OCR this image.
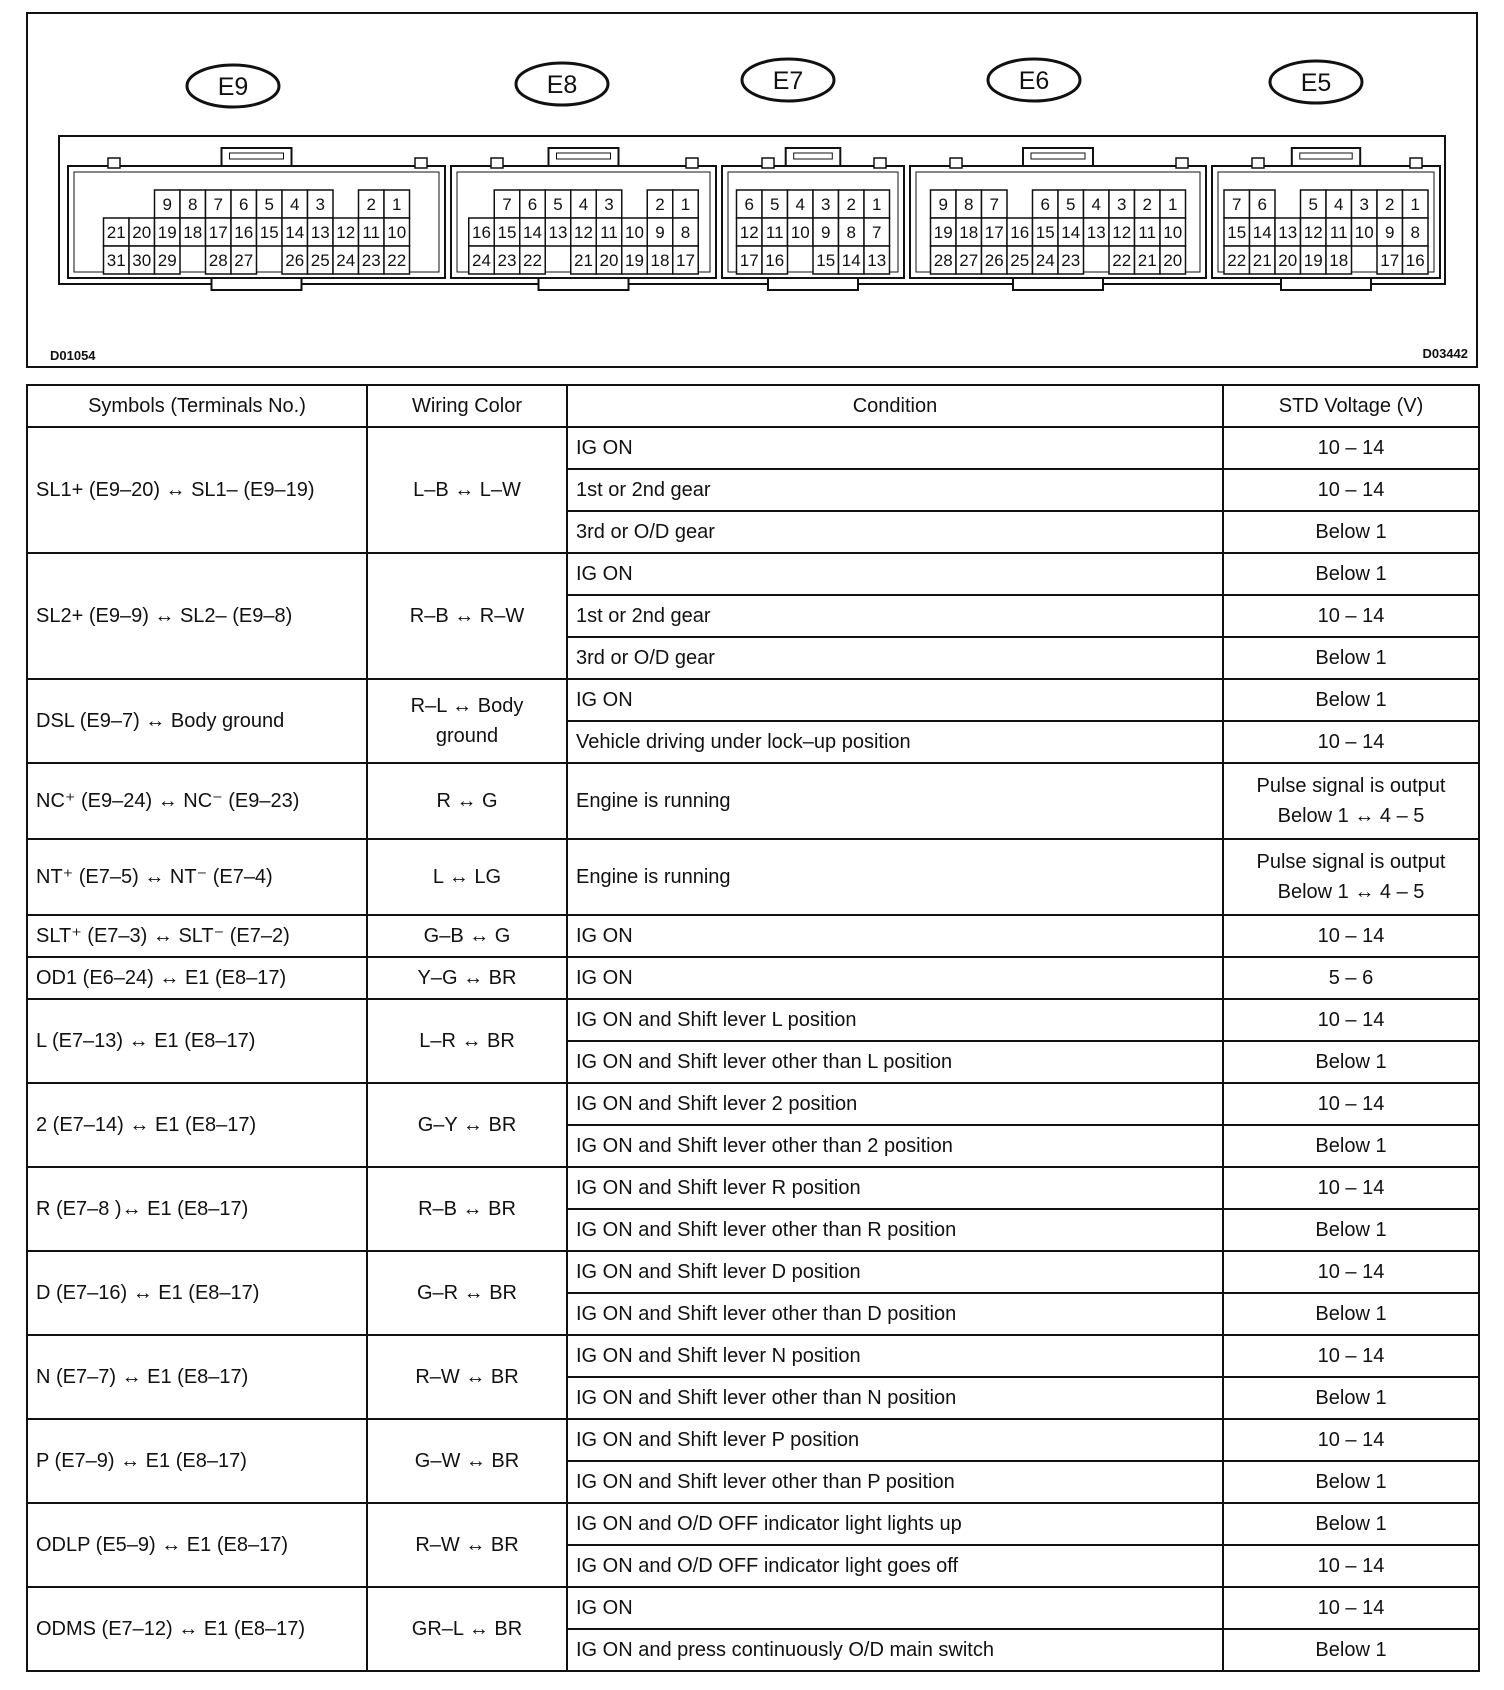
E9
9 8 7 6 5 4 3 2 1
21 20 19 18 17 16 15 14 13 12 11 10
31 30 29 28 27 26 25 24 23 22
E8
7 6 5 4 3 2 1
16 15 14 13 12 11 10 9 8
24 23 22 21 20 19 18 17
E7
6 5 4 3 2 1
12 11 10 9 8 7
17 16 15 14 13
E6
9 8 7 6 5 4 3 2 1
19 18 17 16 15 14 13 12 11 10
28 27 26 25 24 23 22 21 20
E5
7 6 5 4 3 2 1
15 14 13 12 11 10 9 8
22 21 20 19 18 17 16
D01054	D03442
Symbols (Terminals No.)	Wiring Color	Condition	STD Voltage (V)
SL1+ (E9–20) ↔ SL1– (E9–19)	L–B ↔ L–W	IG ON	10 – 14
		1st or 2nd gear	10 – 14
		3rd or O/D gear	Below 1
SL2+ (E9–9) ↔ SL2– (E9–8)	R–B ↔ R–W	IG ON	Below 1
		1st or 2nd gear	10 – 14
		3rd or O/D gear	Below 1
DSL (E9–7) ↔ Body ground	R–L ↔ Body ground	IG ON	Below 1
		Vehicle driving under lock–up position	10 – 14
NC⁺ (E9–24) ↔ NC⁻ (E9–23)	R ↔ G	Engine is running	Pulse signal is output Below 1 ↔ 4 – 5
NT⁺ (E7–5) ↔ NT⁻ (E7–4)	L ↔ LG	Engine is running	Pulse signal is output Below 1 ↔ 4 – 5
SLT⁺ (E7–3) ↔ SLT⁻ (E7–2)	G–B ↔ G	IG ON	10 – 14
OD1 (E6–24) ↔ E1 (E8–17)	Y–G ↔ BR	IG ON	5 – 6
L (E7–13) ↔ E1 (E8–17)	L–R ↔ BR	IG ON and Shift lever L position	10 – 14
		IG ON and Shift lever other than L position	Below 1
2 (E7–14) ↔ E1 (E8–17)	G–Y ↔ BR	IG ON and Shift lever 2 position	10 – 14
		IG ON and Shift lever other than 2 position	Below 1
R (E7–8 )↔ E1 (E8–17)	R–B ↔ BR	IG ON and Shift lever R position	10 – 14
		IG ON and Shift lever other than R position	Below 1
D (E7–16) ↔ E1 (E8–17)	G–R ↔ BR	IG ON and Shift lever D position	10 – 14
		IG ON and Shift lever other than D position	Below 1
N (E7–7) ↔ E1 (E8–17)	R–W ↔ BR	IG ON and Shift lever N position	10 – 14
		IG ON and Shift lever other than N position	Below 1
P (E7–9) ↔ E1 (E8–17)	G–W ↔ BR	IG ON and Shift lever P position	10 – 14
		IG ON and Shift lever other than P position	Below 1
ODLP (E5–9) ↔ E1 (E8–17)	R–W ↔ BR	IG ON and O/D OFF indicator light lights up	Below 1
		IG ON and O/D OFF indicator light goes off	10 – 14
ODMS (E7–12) ↔ E1 (E8–17)	GR–L ↔ BR	IG ON	10 – 14
		IG ON and press continuously O/D main switch	Below 1
